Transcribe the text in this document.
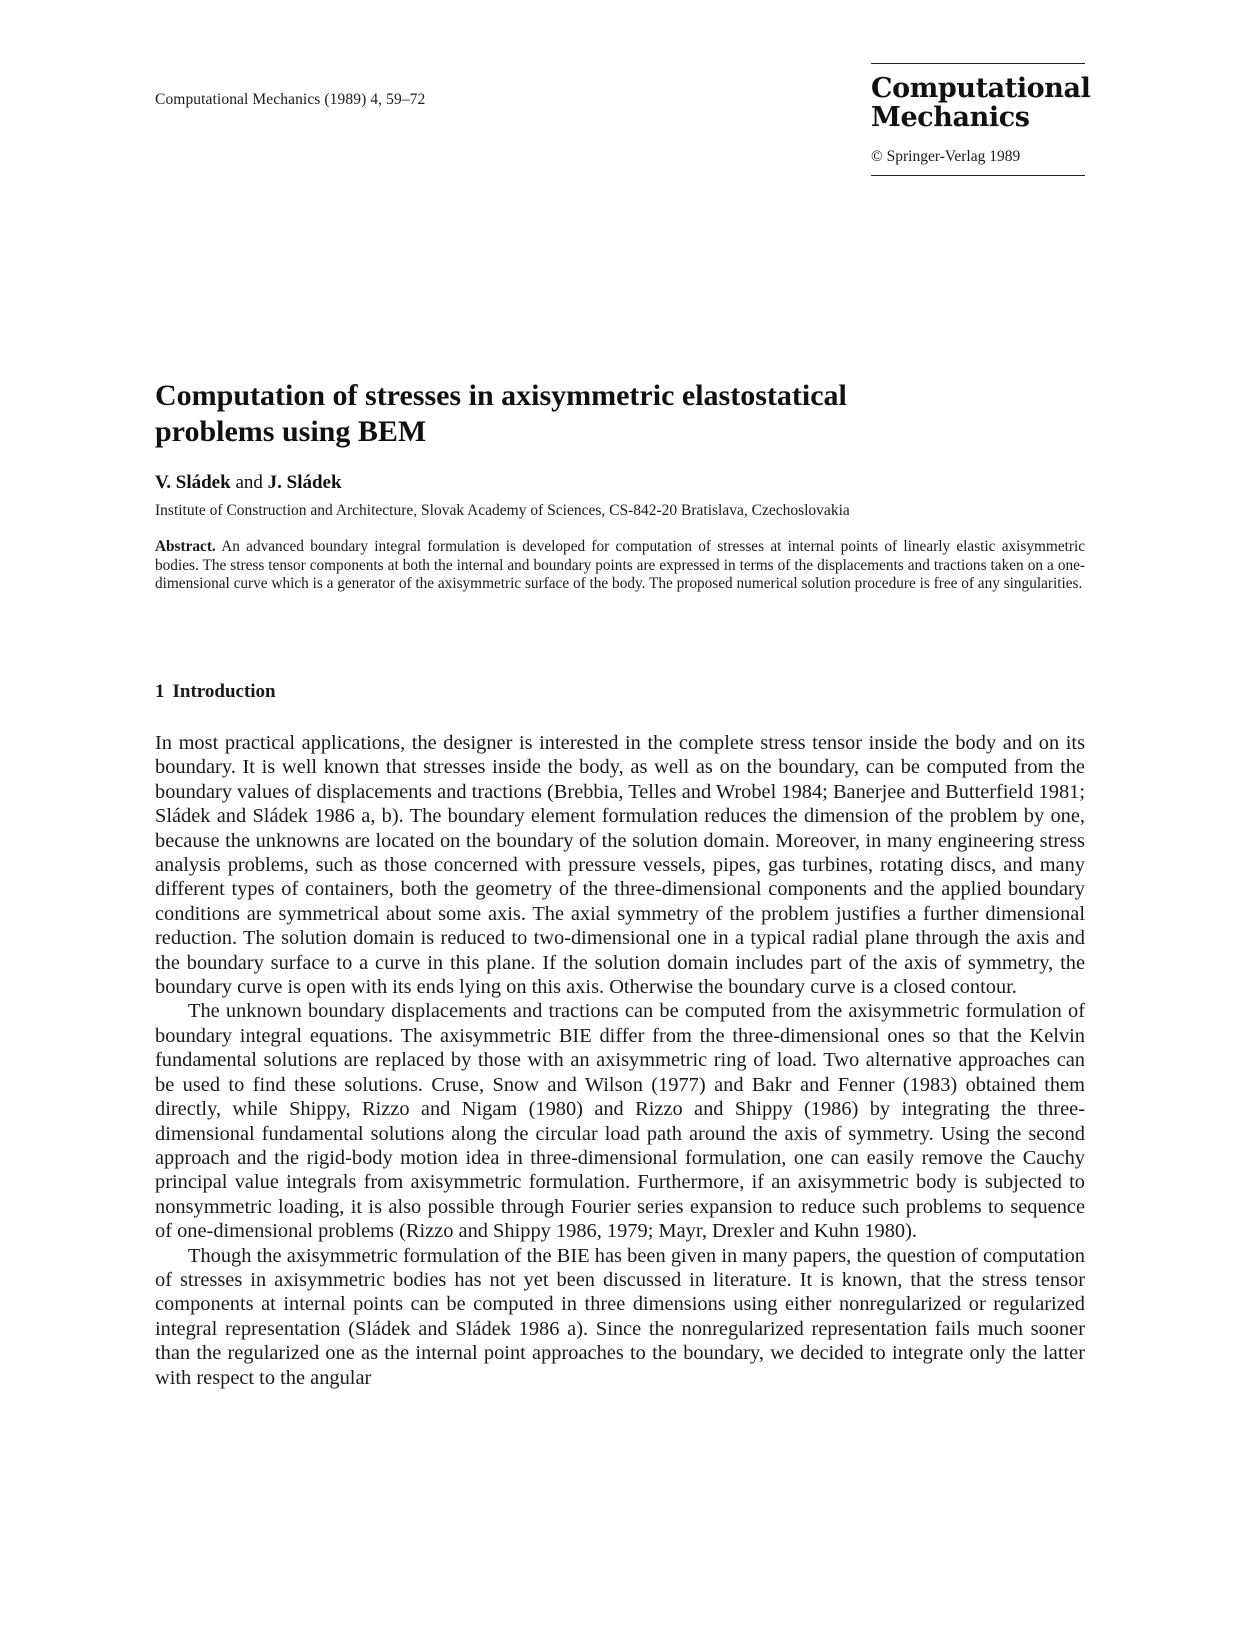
Computational Mechanics (1989) 4, 59–72	Computational
Mechanics
© Springer-Verlag 1989
Computation of stresses in axisymmetric elastostatical
problems using BEM
V. Sládek and J. Sládek
Institute of Construction and Architecture, Slovak Academy of Sciences, CS-842-20 Bratislava, Czechoslovakia
Abstract. An advanced boundary integral formulation is developed for computation of stresses at internal points of linearly elastic axisymmetric bodies. The stress tensor components at both the internal and boundary points are expressed in terms of the displacements and tractions taken on a one-dimensional curve which is a generator of the axisymmetric surface of the body. The proposed numerical solution procedure is free of any singularities.
1 Introduction

In most practical applications, the designer is interested in the complete stress tensor inside the body and on its boundary. It is well known that stresses inside the body, as well as on the boundary, can be computed from the boundary values of displacements and tractions (Brebbia, Telles and Wrobel 1984; Banerjee and Butterfield 1981; Sládek and Sládek 1986 a, b). The boundary element formulation reduces the dimension of the problem by one, because the unknowns are located on the boundary of the solution domain. Moreover, in many engineering stress analysis problems, such as those concerned with pressure vessels, pipes, gas turbines, rotating discs, and many different types of containers, both the geometry of the three-dimensional components and the applied boundary conditions are symmetrical about some axis. The axial symmetry of the problem justifies a further dimensional reduction. The solution domain is reduced to two-dimensional one in a typical radial plane through the axis and the boundary surface to a curve in this plane. If the solution domain includes part of the axis of symmetry, the boundary curve is open with its ends lying on this axis. Otherwise the boundary curve is a closed contour.

The unknown boundary displacements and tractions can be computed from the axisymmetric formulation of boundary integral equations. The axisymmetric BIE differ from the three-dimensional ones so that the Kelvin fundamental solutions are replaced by those with an axisymmetric ring of load. Two alternative approaches can be used to find these solutions. Cruse, Snow and Wilson (1977) and Bakr and Fenner (1983) obtained them directly, while Shippy, Rizzo and Nigam (1980) and Rizzo and Shippy (1986) by integrating the three-dimensional fundamental solutions along the circular load path around the axis of symmetry. Using the second approach and the rigid-body motion idea in three-dimensional formulation, one can easily remove the Cauchy principal value integrals from axisymmetric formulation. Furthermore, if an axisymmetric body is subjected to nonsymmetric loading, it is also possible through Fourier series expansion to reduce such problems to sequence of one-dimensional problems (Rizzo and Shippy 1986, 1979; Mayr, Drexler and Kuhn 1980).

Though the axisymmetric formulation of the BIE has been given in many papers, the question of computation of stresses in axisymmetric bodies has not yet been discussed in literature. It is known, that the stress tensor components at internal points can be computed in three dimensions using either nonregularized or regularized integral representation (Sládek and Sládek 1986 a). Since the nonregularized representation fails much sooner than the regularized one as the internal point approaches to the boundary, we decided to integrate only the latter with respect to the angular
